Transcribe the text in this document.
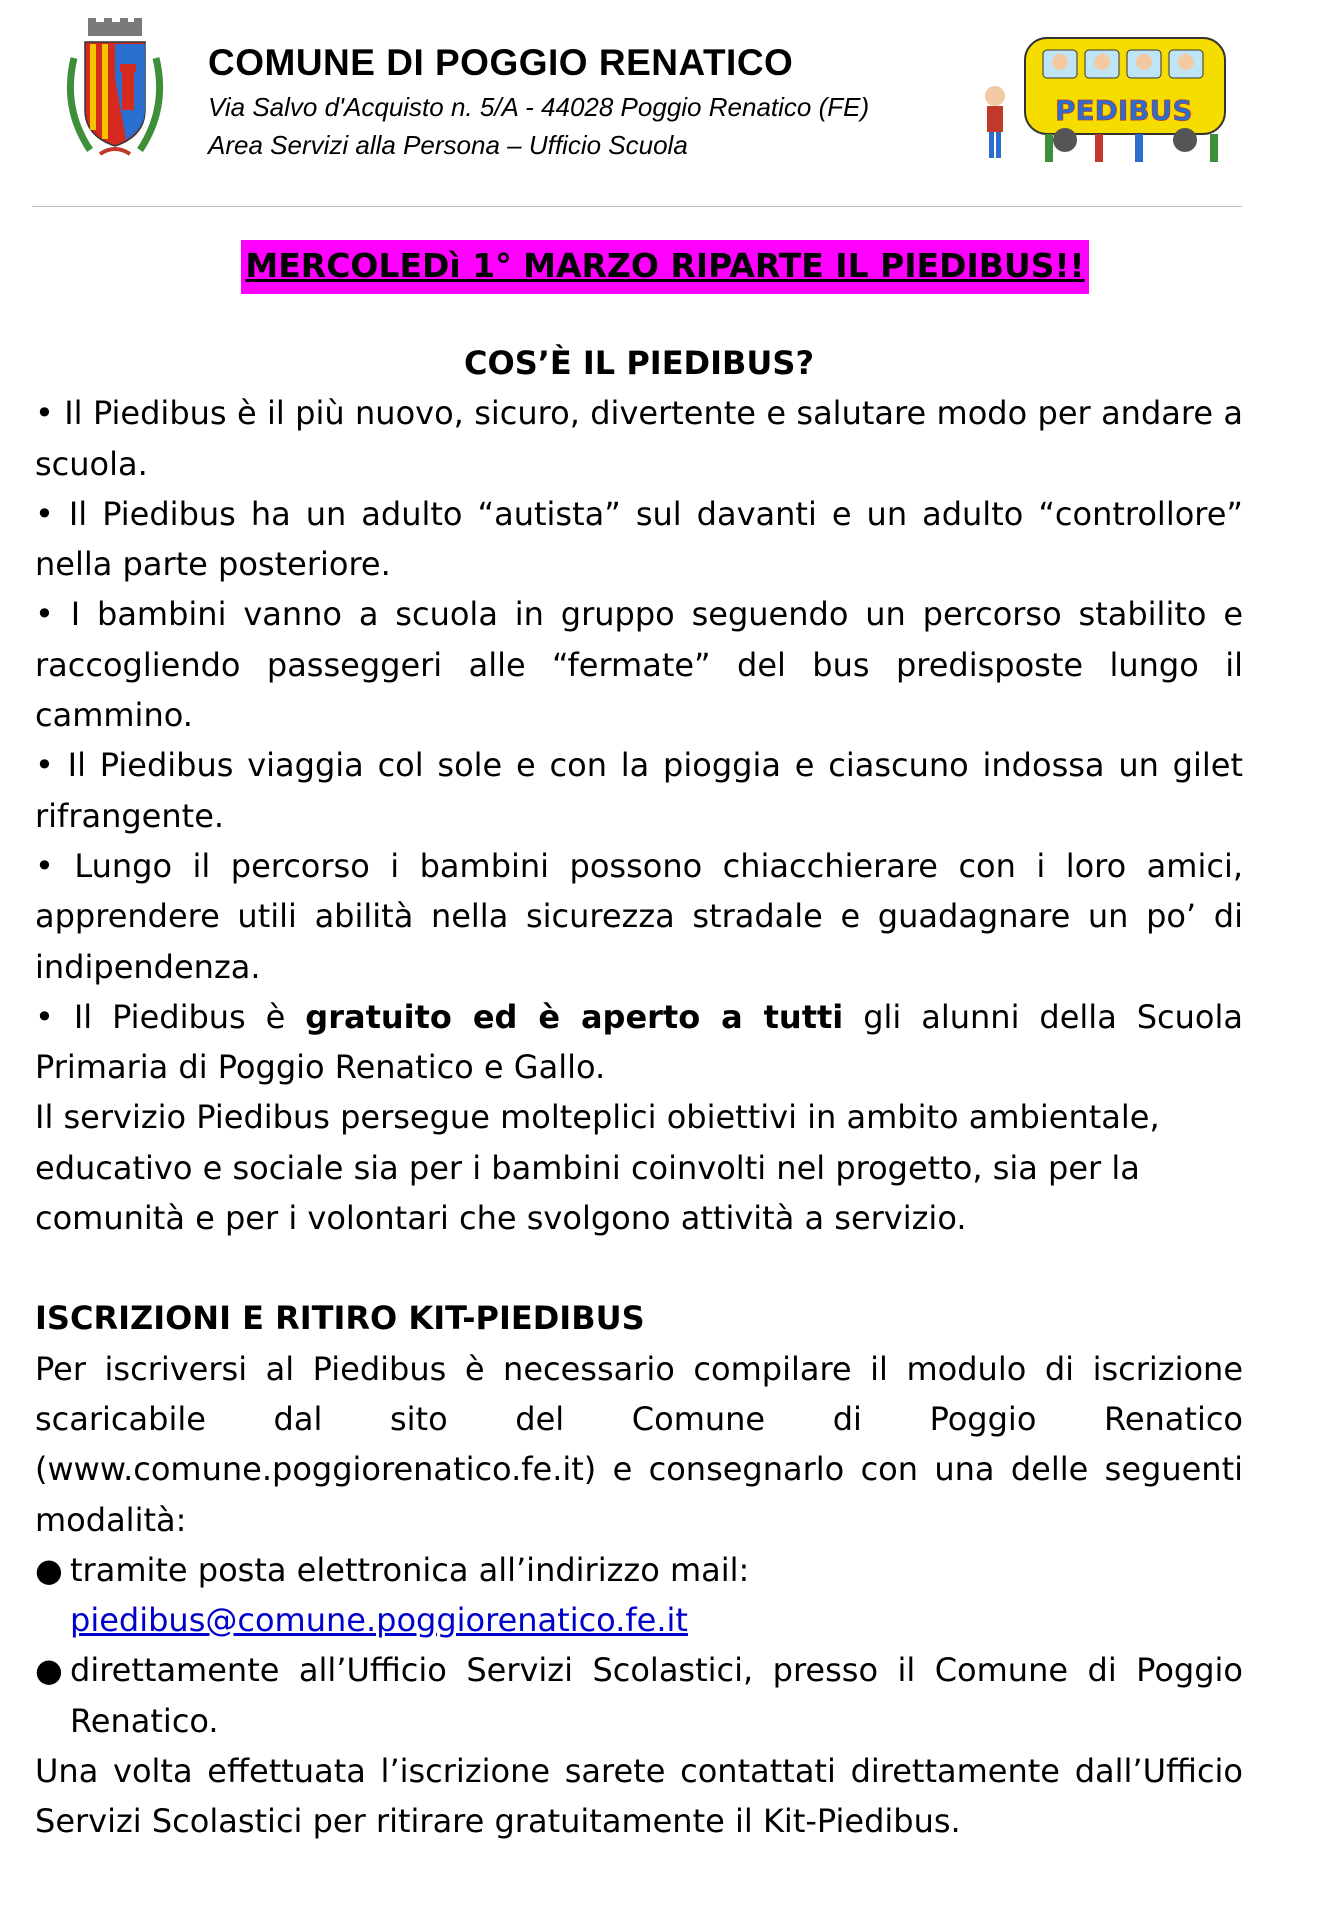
COMUNE DI POGGIO RENATICO

Via Salvo d'Acquisto n. 5/A - 44028 Poggio Renatico (FE)

Area Servizi alla Persona – Ufficio Scuola

PEDIBUS
MERCOLEDì 1° MARZO RIPARTE IL PIEDIBUS!!

COS’È IL PIEDIBUS?

• Il Piedibus è il più nuovo, sicuro, divertente e salutare modo per andare a scuola.

• Il Piedibus ha un adulto “autista” sul davanti e un adulto “controllore” nella parte posteriore.

• I bambini vanno a scuola in gruppo seguendo un percorso stabilito e raccogliendo passeggeri alle “fermate” del bus predisposte lungo il cammino.

• Il Piedibus viaggia col sole e con la pioggia e ciascuno indossa un gilet rifrangente.

• Lungo il percorso i bambini possono chiacchierare con i loro amici, apprendere utili abilità nella sicurezza stradale e guadagnare un po’ di indipendenza.

• Il Piedibus è gratuito ed è aperto a tutti gli alunni della Scuola Primaria di Poggio Renatico e Gallo.

Il servizio Piedibus persegue molteplici obiettivi in ambito ambientale, educativo e sociale sia per i bambini coinvolti nel progetto, sia per la comunità e per i volontari che svolgono attività a servizio.

ISCRIZIONI E RITIRO KIT-PIEDIBUS

Per iscriversi al Piedibus è necessario compilare il modulo di iscrizione

scaricabile dal sito del Comune di Poggio Renatico

(www.comune.poggiorenatico.fe.it) e consegnarlo con una delle seguenti modalità:

● tramite posta elettronica all’indirizzo mail:
piedibus@comune.poggiorenatico.fe.it
● direttamente all’Ufficio Servizi Scolastici, presso il Comune di Poggio Renatico.

Una volta effettuata l’iscrizione sarete contattati direttamente dall’Ufficio Servizi Scolastici per ritirare gratuitamente il Kit-Piedibus.
